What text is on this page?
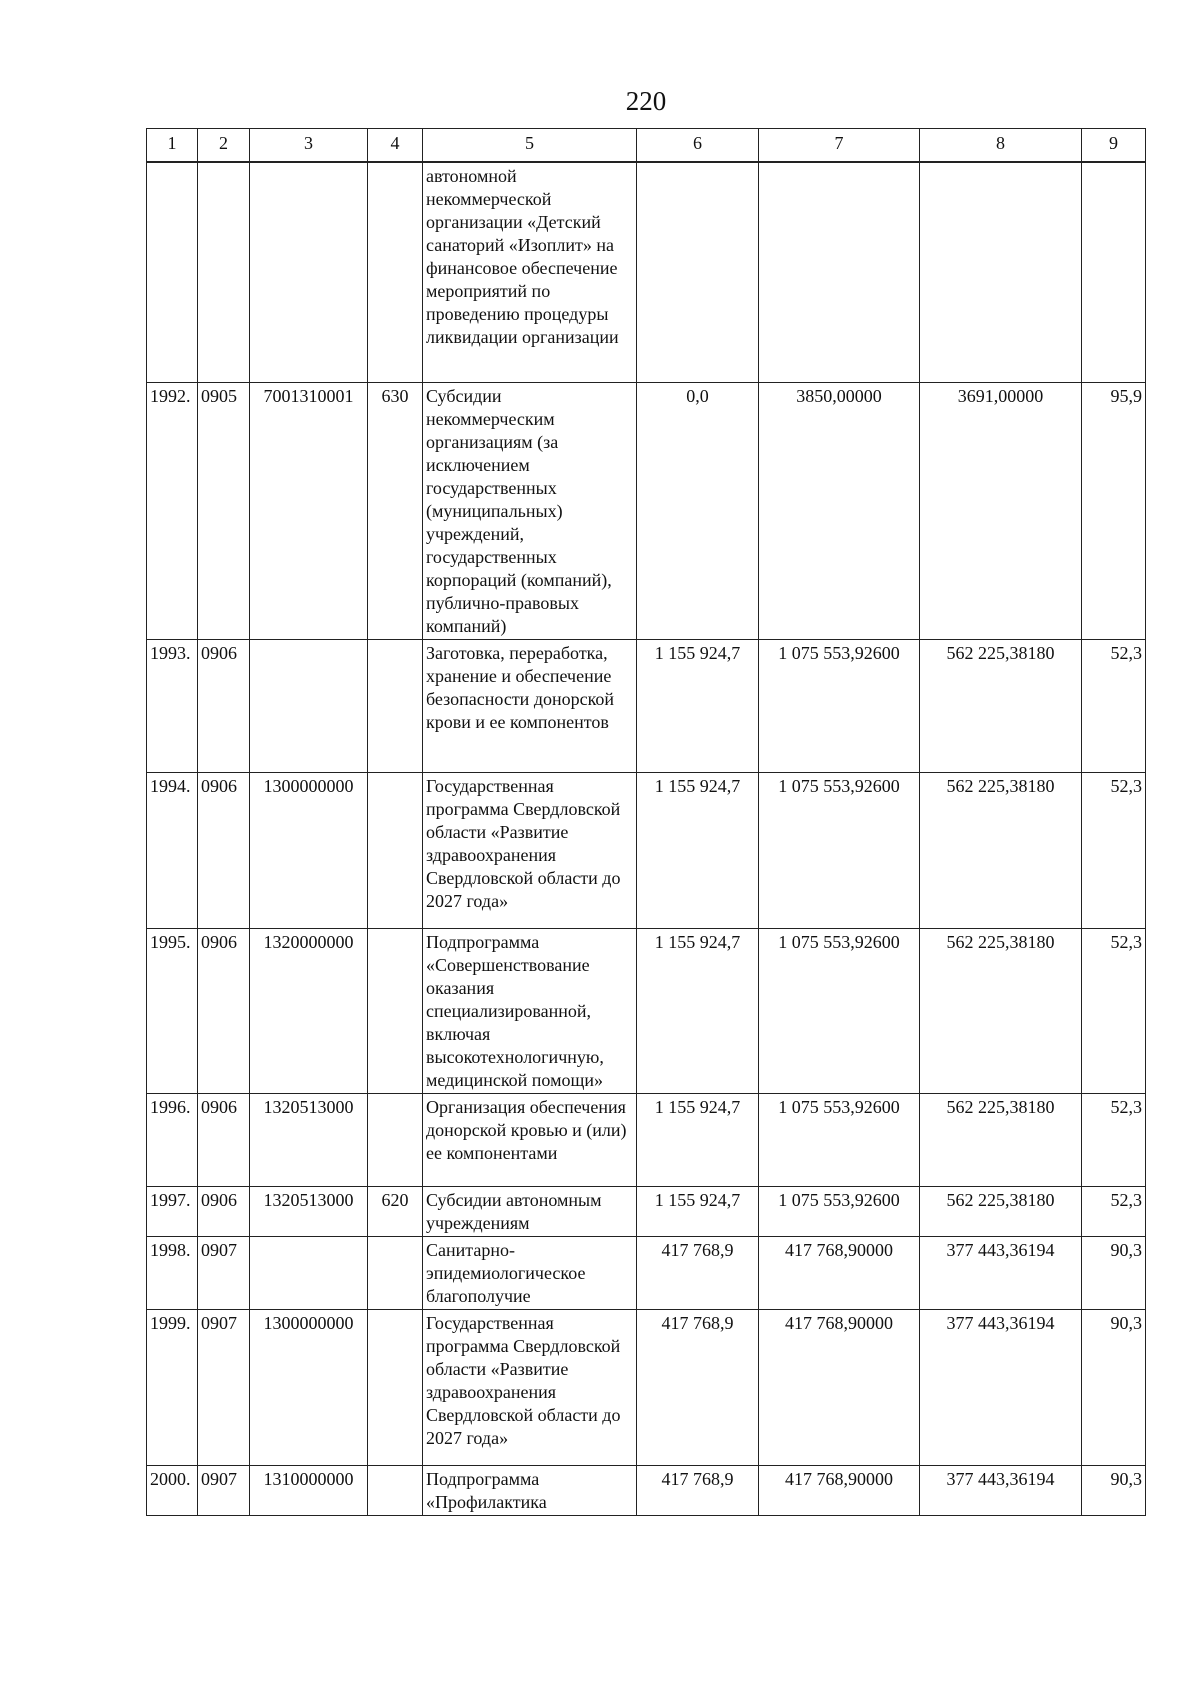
220
1	2	3	4	5	6	7	8	9
				автономной некоммерческой организации «Детский санаторий «Изоплит» на финансовое обеспечение мероприятий по проведению процедуры ликвидации организации				
1992.	0905	7001310001	630	Субсидии некоммерческим организациям (за исключением государственных (муниципальных) учреждений, государственных корпораций (компаний), публично-правовых компаний)	0,0	3850,00000	3691,00000	95,9
1993.	0906			Заготовка, переработка, хранение и обеспечение безопасности донорской крови и ее компонентов	1 155 924,7	1 075 553,92600	562 225,38180	52,3
1994.	0906	1300000000		Государственная программа Свердловской области «Развитие здравоохранения Свердловской области до 2027 года»	1 155 924,7	1 075 553,92600	562 225,38180	52,3
1995.	0906	1320000000		Подпрограмма «Совершенствование оказания специализированной, включая высокотехнологичную, медицинской помощи»	1 155 924,7	1 075 553,92600	562 225,38180	52,3
1996.	0906	1320513000		Организация обеспечения донорской кровью и (или) ее компонентами	1 155 924,7	1 075 553,92600	562 225,38180	52,3
1997.	0906	1320513000	620	Субсидии автономным учреждениям	1 155 924,7	1 075 553,92600	562 225,38180	52,3
1998.	0907			Санитарно-эпидемиологическое благополучие	417 768,9	417 768,90000	377 443,36194	90,3
1999.	0907	1300000000		Государственная программа Свердловской области «Развитие здравоохранения Свердловской области до 2027 года»	417 768,9	417 768,90000	377 443,36194	90,3
2000.	0907	1310000000		Подпрограмма «Профилактика	417 768,9	417 768,90000	377 443,36194	90,3
